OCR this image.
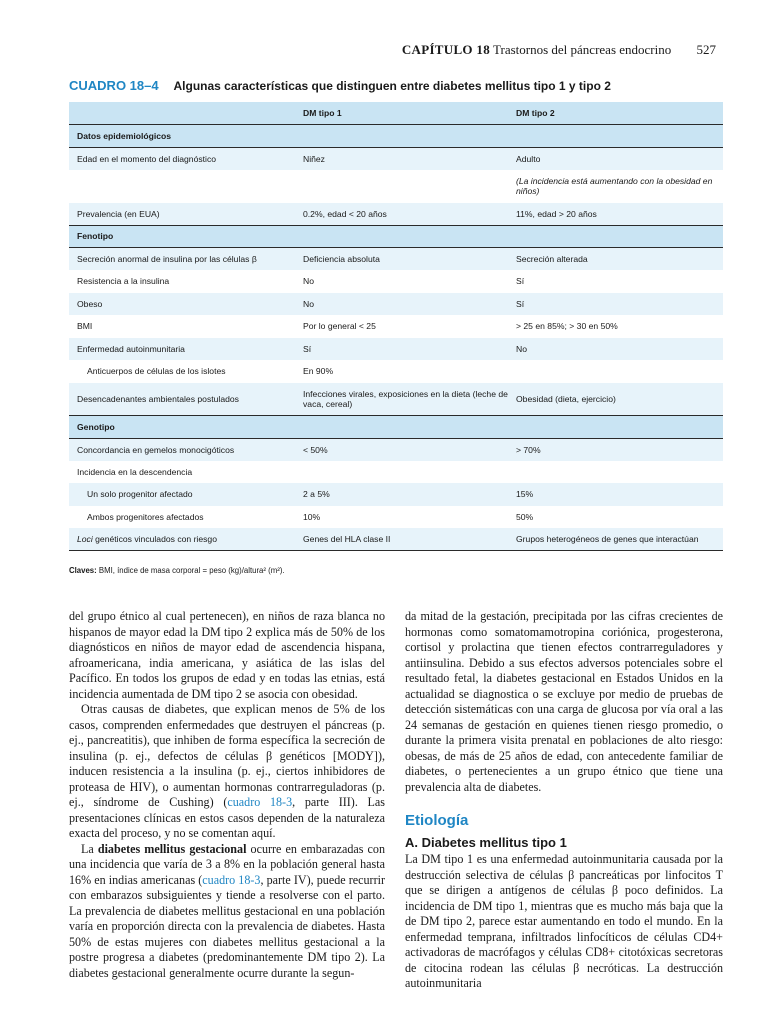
CAPÍTULO 18 Trastornos del páncreas endocrino 527
CUADRO 18–4 Algunas características que distinguen entre diabetes mellitus tipo 1 y tipo 2
	DM tipo 1	DM tipo 2
Datos epidemiológicos		
Edad en el momento del diagnóstico	Niñez	Adulto
		(La incidencia está aumentando con la obesidad en niños)
Prevalencia (en EUA)	0.2%, edad < 20 años	11%, edad > 20 años
Fenotipo		
Secreción anormal de insulina por las células β	Deficiencia absoluta	Secreción alterada
Resistencia a la insulina	No	Sí
Obeso	No	Sí
BMI	Por lo general < 25	> 25 en 85%; > 30 en 50%
Enfermedad autoinmunitaria	Sí	No
Anticuerpos de células de los islotes	En 90%	
Desencadenantes ambientales postulados	Infecciones virales, exposiciones en la dieta (leche de vaca, cereal)	Obesidad (dieta, ejercicio)
Genotipo		
Concordancia en gemelos monocigóticos	< 50%	> 70%
Incidencia en la descendencia		
Un solo progenitor afectado	2 a 5%	15%
Ambos progenitores afectados	10%	50%
Loci genéticos vinculados con riesgo	Genes del HLA clase II	Grupos heterogéneos de genes que interactúan
Claves: BMI, índice de masa corporal = peso (kg)/altura² (m²).

del grupo étnico al cual pertenecen), en niños de raza blanca no hispanos de mayor edad la DM tipo 2 explica más de 50% de los diagnósticos en niños de mayor edad de ascendencia hispana, afroamericana, india americana, y asiática de las islas del Pacífico. En todos los grupos de edad y en todas las etnias, está incidencia aumentada de DM tipo 2 se asocia con obesidad.

Otras causas de diabetes, que explican menos de 5% de los casos, comprenden enfermedades que destruyen el páncreas (p. ej., pancreatitis), que inhiben de forma específica la secreción de insulina (p. ej., defectos de células β genéticos [MODY]), inducen resistencia a la insulina (p. ej., ciertos inhibidores de proteasa de HIV), o aumentan hormonas contrarreguladoras (p. ej., síndrome de Cushing) (cuadro 18-3, parte III). Las presentaciones clínicas en estos casos dependen de la naturaleza exacta del proceso, y no se comentan aquí.

La diabetes mellitus gestacional ocurre en embarazadas con una incidencia que varía de 3 a 8% en la población general hasta 16% en indias americanas (cuadro 18-3, parte IV), puede recurrir con embarazos subsiguientes y tiende a resolverse con el parto. La prevalencia de diabetes mellitus gestacional en una población varía en proporción directa con la prevalencia de diabetes. Hasta 50% de estas mujeres con diabetes mellitus gestacional a la postre progresa a diabetes (predominantemente DM tipo 2). La diabetes gestacional generalmente ocurre durante la segun-

da mitad de la gestación, precipitada por las cifras crecientes de hormonas como somatomamotropina coriónica, progesterona, cortisol y prolactina que tienen efectos contrarreguladores y antiinsulina. Debido a sus efectos adversos potenciales sobre el resultado fetal, la diabetes gestacional en Estados Unidos en la actualidad se diagnostica o se excluye por medio de pruebas de detección sistemáticas con una carga de glucosa por vía oral a las 24 semanas de gestación en quienes tienen riesgo promedio, o durante la primera visita prenatal en poblaciones de alto riesgo: obesas, de más de 25 años de edad, con antecedente familiar de diabetes, o pertenecientes a un grupo étnico que tiene una prevalencia alta de diabetes.

Etiología
A. Diabetes mellitus tipo 1

La DM tipo 1 es una enfermedad autoinmunitaria causada por la destrucción selectiva de células β pancreáticas por linfocitos T que se dirigen a antígenos de células β poco definidos. La incidencia de DM tipo 1, mientras que es mucho más baja que la de DM tipo 2, parece estar aumentando en todo el mundo. En la enfermedad temprana, infiltrados linfocíticos de células CD4+ activadoras de macrófagos y células CD8+ citotóxicas secretoras de citocina rodean las células β necróticas. La destrucción autoinmunitaria
